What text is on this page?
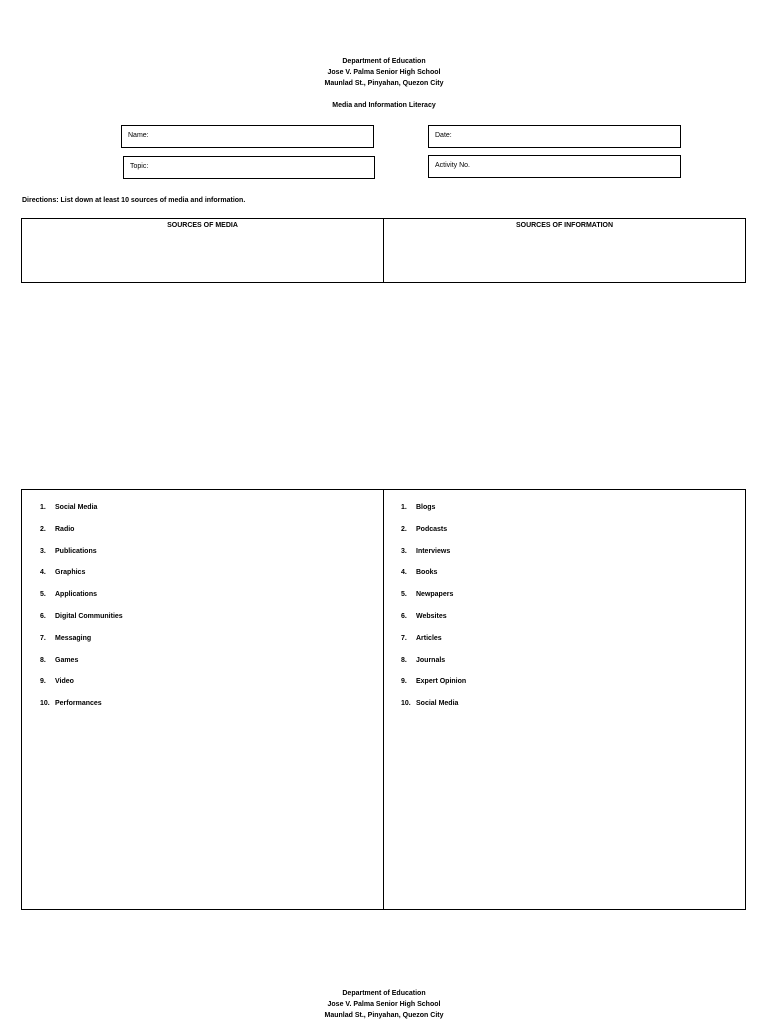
Department of Education
Jose V. Palma Senior High School
Maunlad St., Pinyahan, Quezon City
Media and Information Literacy
Name:	Date:
Topic:	Activity No.
Directions: List down at least 10 sources of media and information.
SOURCES OF MEDIA	SOURCES OF INFORMATION
1.	Social Media
2.	Radio
3.	Publications
4.	Graphics
5.	Applications
6.	Digital Communities
7.	Messaging
8.	Games
9.	Video
10. Performances
1.	Blogs
2.	Podcasts
3.	Interviews
4.	Books
5.	Newpapers
6.	Websites
7.	Articles
8.	Journals
9.	Expert Opinion
10. Social Media
Department of Education
Jose V. Palma Senior High School
Maunlad St., Pinyahan, Quezon City
